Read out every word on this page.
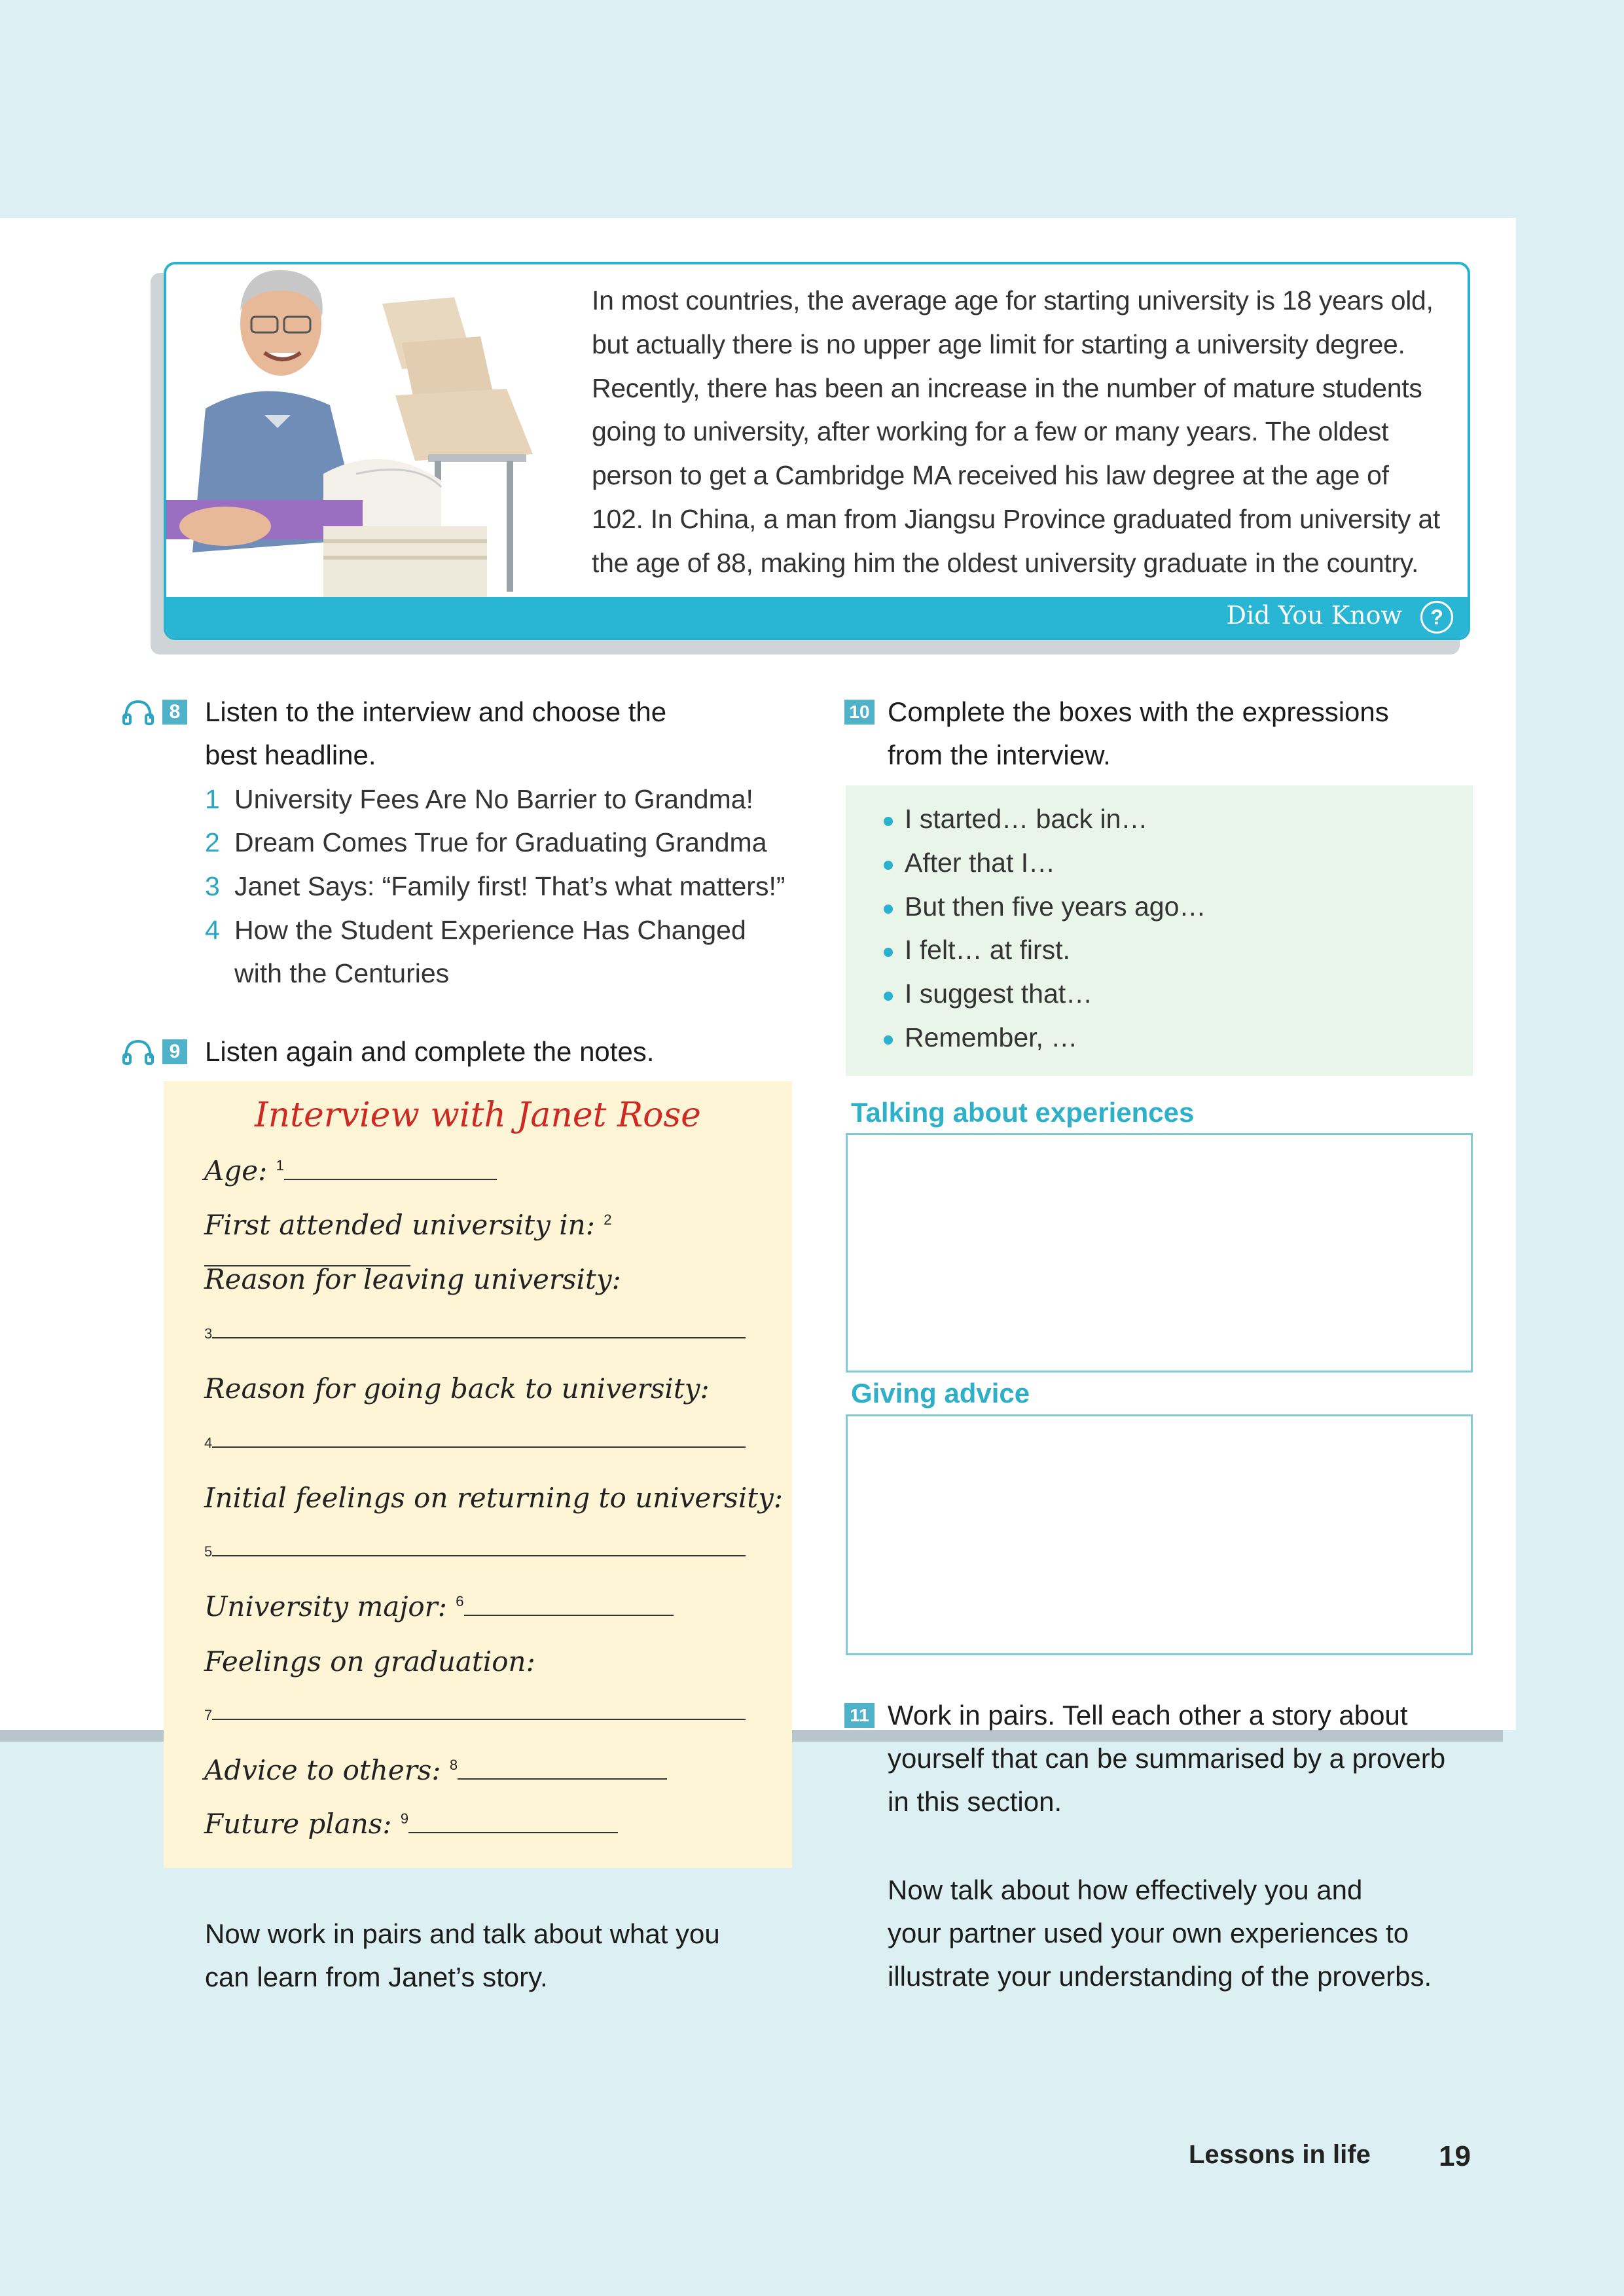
In most countries, the average age for starting university is 18 years old,
but actually there is no upper age limit for starting a university degree.
Recently, there has been an increase in the number of mature students
going to university, after working for a few or many years. The oldest
person to get a Cambridge MA received his law degree at the age of
102. In China, a man from Jiangsu Province graduated from university at
the age of 88, making him the oldest university graduate in the country.
Did You Know	?
8 Listen to the interview and choose the
best headline.
1 University Fees Are No Barrier to Grandma!
2 Dream Comes True for Graduating Grandma
3 Janet Says: “Family first! That’s what matters!”
4 How the Student Experience Has Changed
with the Centuries
9 Listen again and complete the notes.
Interview with Janet Rose
Age: $^1$
First attended university in: $^2$
Reason for leaving university:
3
Reason for going back to university:
4
Initial feelings on returning to university:
5
University major: $^6$
Feelings on graduation:
7
Advice to others: $^8$
Future plans: $^9$
Now work in pairs and talk about what you
can learn from Janet’s story.
10 Complete the boxes with the expressions
from the interview.
I started… back in…
After that I…
But then five years ago…
I felt… at first.
I suggest that…
Remember, …
Talking about experiences
Giving advice
11 Work in pairs. Tell each other a story about
yourself that can be summarised by a proverb
in this section.
Now talk about how effectively you and
your partner used your own experiences to
illustrate your understanding of the proverbs.
Lessons in life 19
